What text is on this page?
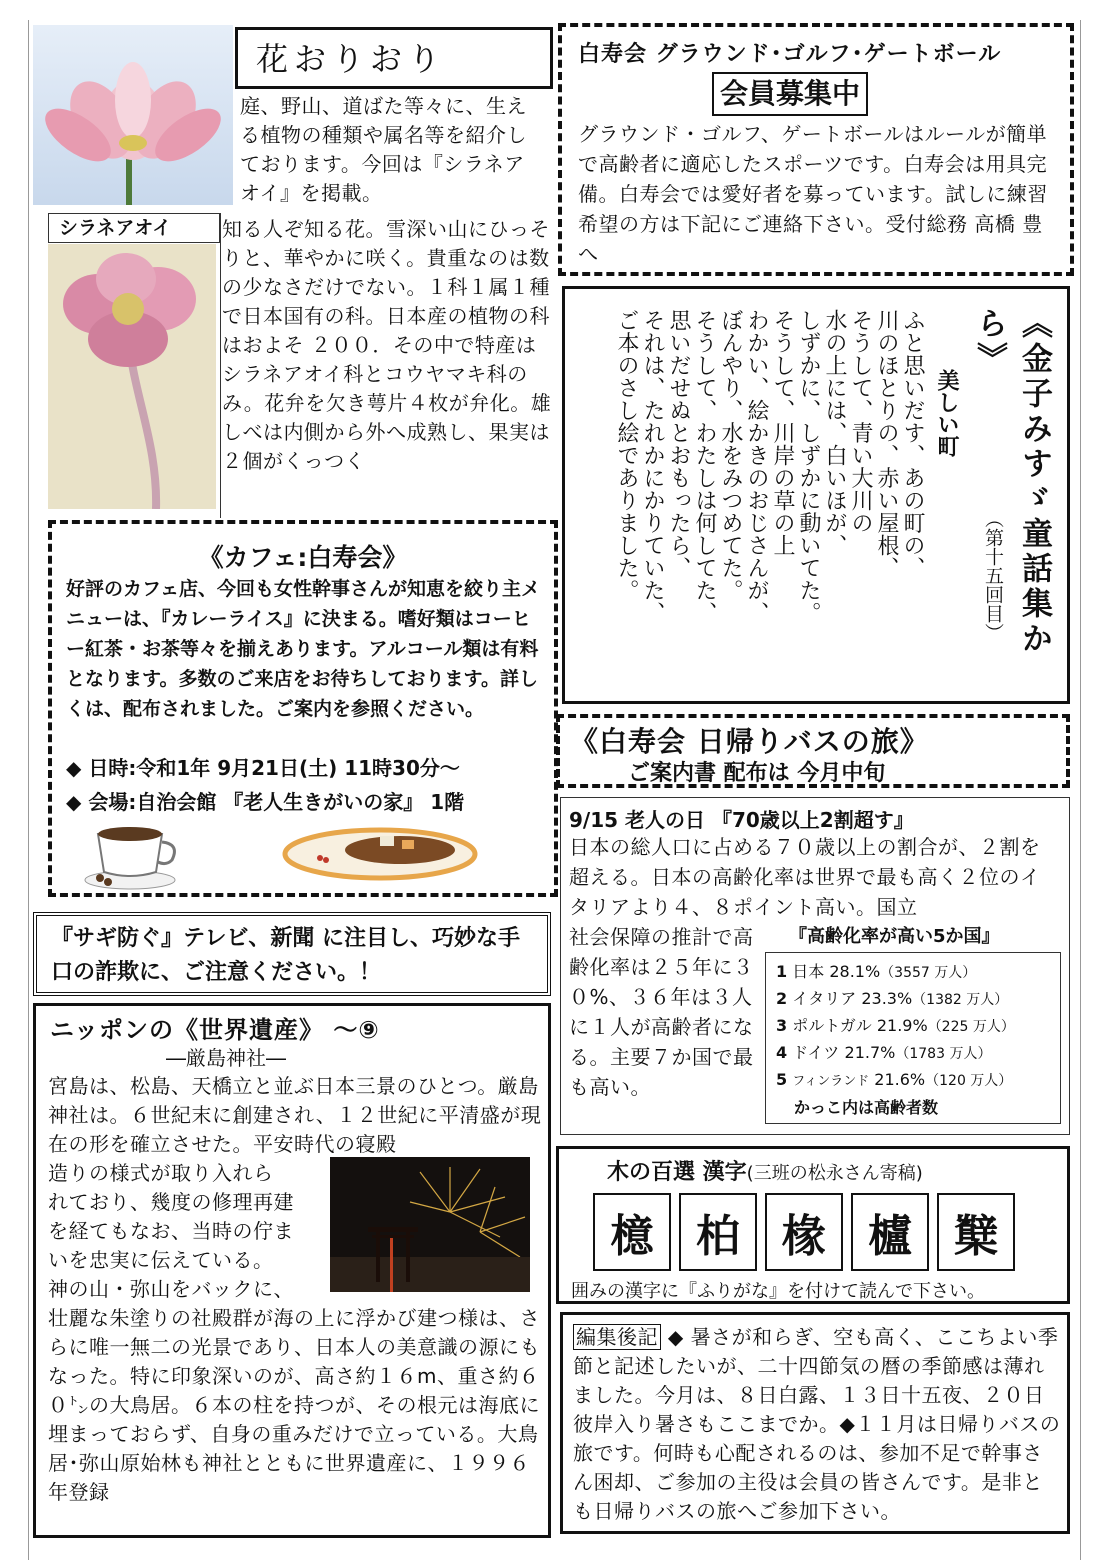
花おりおり
庭、野山、道ばた等々に、生える植物の種類や属名等を紹介しております。今回は『シラネアオイ』を掲載。
シラネアオイ	知る人ぞ知る花。雪深い山にひっそりと、華やかに咲く。貴重なのは数の少なさだけでない。１科１属１種で日本国有の科。日本産の植物の科はおよそ ２００．その中で特産はシラネアオイ科とコウヤマキ科のみ。花弁を欠き萼片４枚が弁化。雄しべは内側から外へ成熟し、果実は２個がくっつく
白寿会 グラウンド･ゴルフ･ゲートボール
会員募集中
グラウンド・ゴルフ、ゲートボールはルールが簡単で高齢者に適応したスポーツです。白寿会は用具完備。白寿会では愛好者を募っています。試しに練習希望の方は下記にご連絡下さい。受付総務 高橋 豊へ
《金子みすゞ童話集から》
（第十五回目）
美しい町
ふと思いだす、あの町の、
川のほとりの、赤い屋根、
そうして、青い大川の
水の上には、白いほが、
しずかに、しずかに動いてた。
そうして、川岸の草の上
わかい、絵かきのおじさんが、
ぼんやり、水をみつめてた。
そうして、わたしは何してた、
思いだせぬとおもったら、
それは、たれかにかりていた、
ご本のさし絵でありました。
《カフェ:白寿会》
好評のカフェ店、今回も女性幹事さんが知恵を絞り主メニューは、『カレーライス』に決まる。嗜好類はコーヒー紅茶・お茶等々を揃えあります。アルコール類は有料となります。多数のご来店をお待ちしております。詳しくは、配布されました。ご案内を参照ください。
◆ 日時:令和1年 9月21日(土) 11時30分～
◆ 会場:自治会館 『老人生きがいの家』 1階
《白寿会 日帰りバスの旅》
ご案内書 配布は 今月中旬
9/15 老人の日 『70歳以上2割超す』
日本の総人口に占める７０歳以上の割合が、２割を超える。日本の高齢化率は世界で最も高く２位のイタリアより４、８ポイント高い。国立
社会保障の推計で高齢化率は２５年に３０%、３６年は３人 に１人が高齢者になる。主要７か国で最も高い。
『高齢化率が高い5か国』
1 日本 28.1%（3557 万人）
2 イタリア 23.3%（1382 万人）
3 ポルトガル 21.9%（225 万人）
4 ドイツ 21.7%（1783 万人）
5 フィンランド 21.6%（120 万人）
かっこ内は高齢者数
『サギ防ぐ』テレビ、新聞 に注目し、巧妙な手口の詐欺に、ご注意ください。！
ニッポンの《世界遺産》 ～⑨
―厳島神社―
宮島は、松島、天橋立と並ぶ日本三景のひとつ。厳島神社は。６世紀末に創建され、１２世紀に平清盛が現在の形を確立させた。平安時代の寝殿
造りの様式が取り入れら
れており、幾度の修理再建
を経てもなお、当時の佇ま
いを忠実に伝えている。
神の山・弥山をバックに、
壮麗な朱塗りの社殿群が海の上に浮かび建つ様は、さらに唯一無二の光景であり、日本人の美意識の源にもなった。特に印象深いのが、高さ約１６m、重さ約６０㌧の大鳥居。６本の柱を持つが、その根元は海底に埋まっておらず、自身の重みだけで立っている。大鳥居･弥山原始林も神社とともに世界遺産に、１９９６年登録
木の百選 漢字(三班の松永さん寄稿)
檍 柏 椽 櫨 櫱
囲みの漢字に『ふりがな』を付けて読んで下さい。
編集後記 ◆ 暑さが和らぎ、空も高く、ここちよい季節と記述したいが、二十四節気の暦の季節感は薄れました。今月は、８日白露、１３日十五夜、２０日彼岸入り暑さもここまでか。◆１１月は日帰りバスの旅です。何時も心配されるのは、参加不足で幹事さん困却、ご参加の主役は会員の皆さんです。是非とも日帰りバスの旅へご参加下さい。
